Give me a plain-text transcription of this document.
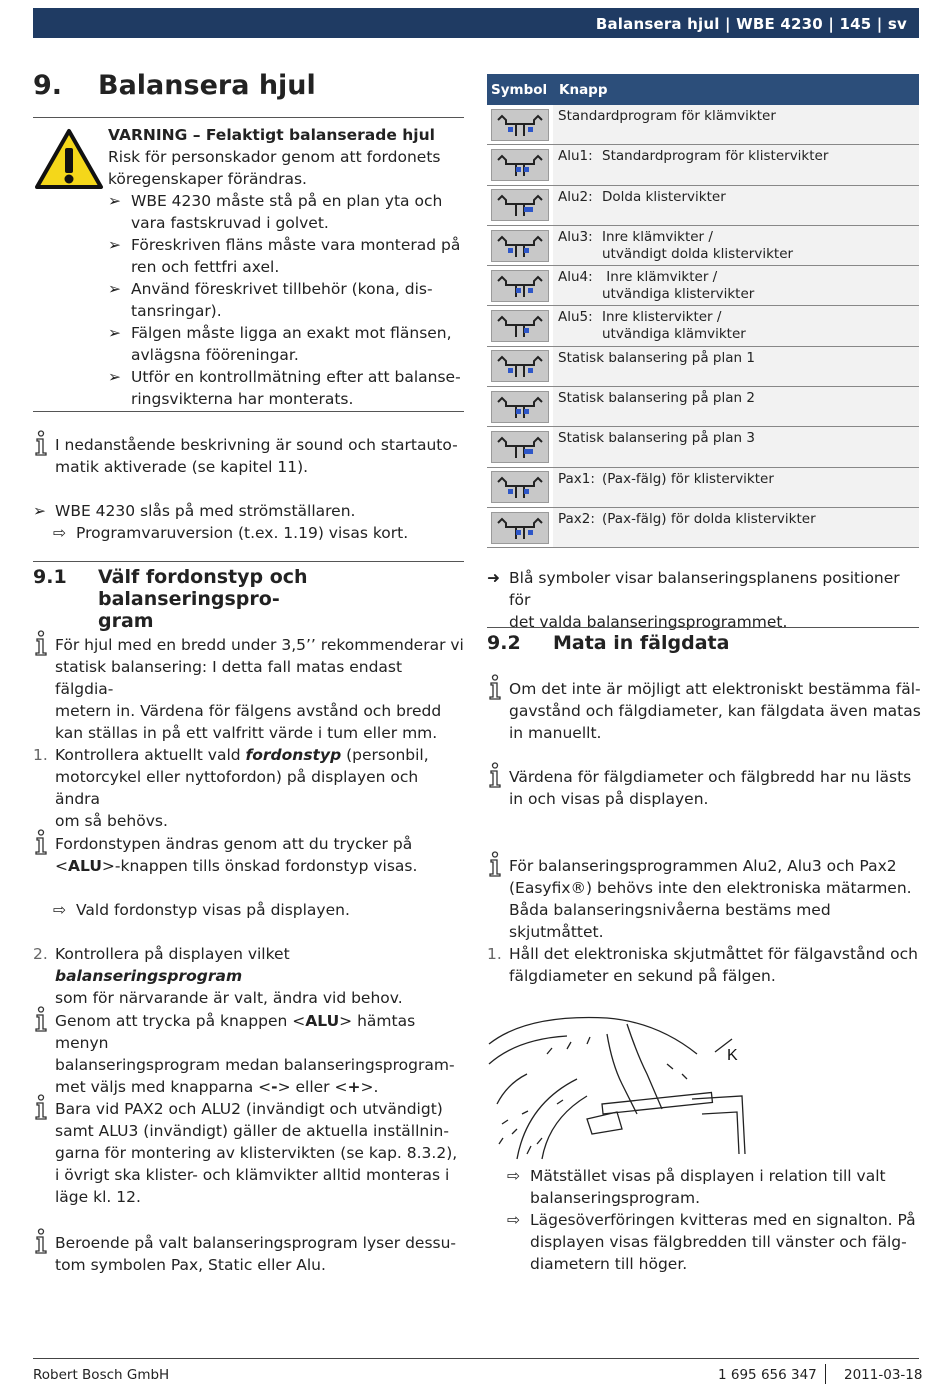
Balansera hjul | WBE 4230 | 145 | sv
9. Balansera hjul
VARNING – Felaktigt balanserade hjul
Risk för personskador genom att fordonets
köregenskaper förändras.
➢ WBE 4230 måste stå på en plan yta och
vara fastskruvad i golvet.
➢ Föreskriven fläns måste vara monterad på
ren och fettfri axel.
➢ Använd föreskrivet tillbehör (kona, dis-
tansringar).
➢ Fälgen måste ligga an exakt mot flänsen,
avlägsna fööreningar.
➢ Utför en kontrollmätning efter att balanse-
ringsvikterna har monterats.
I nedanstående beskrivning är sound och startauto-
matik aktiverade (se kapitel 11).
➢ WBE 4230 slås på med strömställaren.
⇨ Programvaruversion (t.ex. 1.19) visas kort.
9.1 Välf fordonstyp och balanseringspro-
gram
För hjul med en bredd under 3,5’’ rekommenderar vi
statisk balansering: I detta fall matas endast fälgdia-
metern in. Värdena för fälgens avstånd och bredd
kan ställas in på ett valfritt värde i tum eller mm.
1. Kontrollera aktuellt vald fordonstyp (personbil,
motorcykel eller nyttofordon) på displayen och ändra
om så behövs.
Fordonstypen ändras genom att du trycker på
<ALU>-knappen tills önskad fordonstyp visas.
⇨ Vald fordonstyp visas på displayen.
2. Kontrollera på displayen vilket balanseringsprogram
som för närvarande är valt, ändra vid behov.
Genom att trycka på knappen <ALU> hämtas menyn
balanseringsprogram medan balanseringsprogram-
met väljs med knapparna <-> eller <+>.
Bara vid PAX2 och ALU2 (invändigt och utvändigt)
samt ALU3 (invändigt) gäller de aktuella inställnin-
garna för montering av klistervikten (se kap. 8.3.2),
i övrigt ska klister- och klämvikter alltid monteras i
läge kl. 12.
Beroende på valt balanseringsprogram lyser dessu-
tom symbolen Pax, Static eller Alu.
Symbol Knapp
Standardprogram för klämvikter
Alu1: Standardprogram för klistervikter
Alu2: Dolda klistervikter
Alu3: Inre klämvikter /
utvändigt dolda klistervikter
Alu4: Inre klämvikter /
utvändiga klistervikter
Alu5: Inre klistervikter /
utvändiga klämvikter
Statisk balansering på plan 1
Statisk balansering på plan 2
Statisk balansering på plan 3
Pax1: (Pax-fälg) för klistervikter
Pax2: (Pax-fälg) för dolda klistervikter
➜ Blå symboler visar balanseringsplanens positioner för
det valda balanseringsprogrammet.
9.2 Mata in fälgdata
Om det inte är möjligt att elektroniskt bestämma fäl-
gavstånd och fälgdiameter, kan fälgdata även matas
in manuellt.
Värdena för fälgdiameter och fälgbredd har nu lästs
in och visas på displayen.
För balanseringsprogrammen Alu2, Alu3 och Pax2
(Easyfix®) behövs inte den elektroniska mätarmen.
Båda balanseringsnivåerna bestäms med skjutmåttet.
1. Håll det elektroniska skjutmåttet för fälgavstånd och
fälgdiameter en sekund på fälgen.
K
⇨ Mätstället visas på displayen i relation till valt
balanseringsprogram.
⇨ Lägesöverföringen kvitteras med en signalton. På
displayen visas fälgbredden till vänster och fälg-
diametern till höger.
Robert Bosch GmbH	1 695 656 347 2011-03-18
